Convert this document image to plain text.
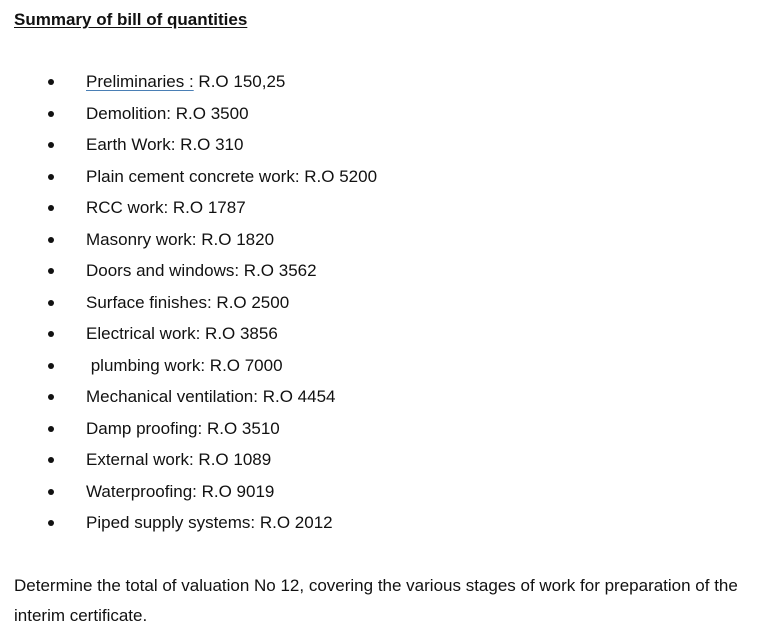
Summary of bill of quantities
Preliminaries : R.O 150,25
Demolition: R.O 3500
Earth Work: R.O 310
Plain cement concrete work: R.O 5200
RCC work: R.O 1787
Masonry work: R.O 1820
Doors and windows: R.O 3562
Surface finishes: R.O 2500
Electrical work: R.O 3856
plumbing work: R.O 7000
Mechanical ventilation: R.O 4454
Damp proofing: R.O 3510
External work: R.O 1089
Waterproofing: R.O 9019
Piped supply systems: R.O 2012

Determine the total of valuation No 12, covering the various stages of work for preparation of the interim certificate.
